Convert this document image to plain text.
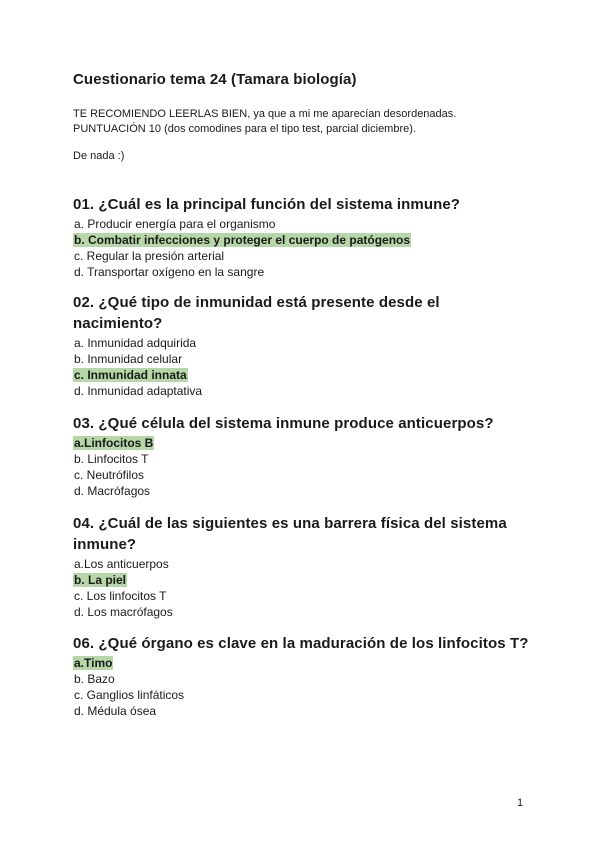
Cuestionario tema 24 (Tamara biología)
TE RECOMIENDO LEERLAS BIEN, ya que a mi me aparecían desordenadas.
PUNTUACIÓN 10 (dos comodines para el tipo test, parcial diciembre).
De nada :)
01. ¿Cuál es la principal función del sistema inmune?
a. Producir energía para el organismo
b. Combatir infecciones y proteger el cuerpo de patógenos
c. Regular la presión arterial
d. Transportar oxígeno en la sangre
02. ¿Qué tipo de inmunidad está presente desde el nacimiento?
a. Inmunidad adquirida
b. Inmunidad celular
c. Inmunidad innata
d. Inmunidad adaptativa
03. ¿Qué célula del sistema inmune produce anticuerpos?
a.Linfocitos B
b. Linfocitos T
c. Neutrófilos
d. Macrófagos
04. ¿Cuál de las siguientes es una barrera física del sistema inmune?
a.Los anticuerpos
b. La piel
c. Los linfocitos T
d. Los macrófagos
06. ¿Qué órgano es clave en la maduración de los linfocitos T?
a.Timo
b. Bazo
c. Ganglios linfáticos
d. Médula ósea
1
